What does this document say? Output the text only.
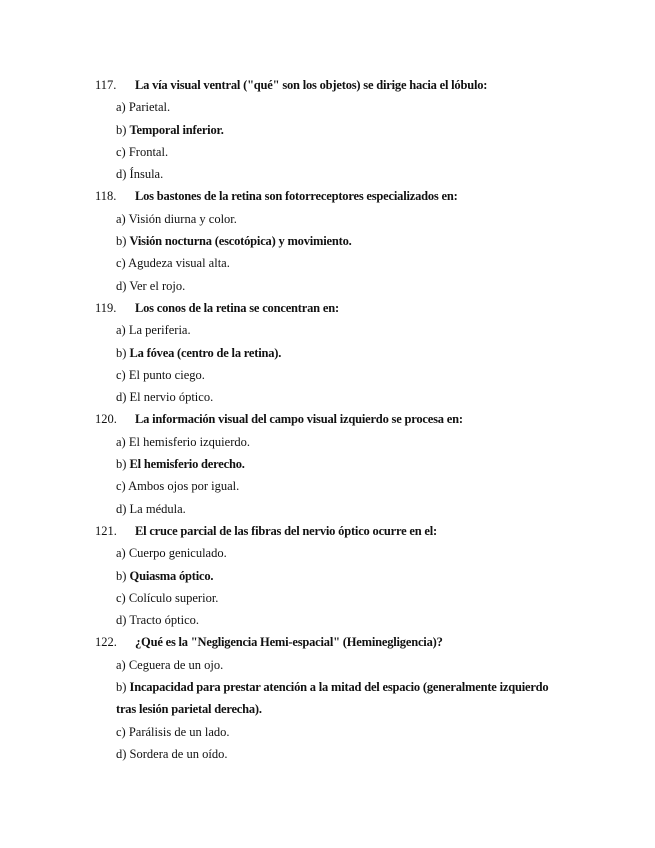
117. La vía visual ventral ("qué" son los objetos) se dirige hacia el lóbulo:
a) Parietal.
b) Temporal inferior.
c) Frontal.
d) Ínsula.
118. Los bastones de la retina son fotorreceptores especializados en:
a) Visión diurna y color.
b) Visión nocturna (escotópica) y movimiento.
c) Agudeza visual alta.
d) Ver el rojo.
119. Los conos de la retina se concentran en:
a) La periferia.
b) La fóvea (centro de la retina).
c) El punto ciego.
d) El nervio óptico.
120. La información visual del campo visual izquierdo se procesa en:
a) El hemisferio izquierdo.
b) El hemisferio derecho.
c) Ambos ojos por igual.
d) La médula.
121. El cruce parcial de las fibras del nervio óptico ocurre en el:
a) Cuerpo geniculado.
b) Quiasma óptico.
c) Colículo superior.
d) Tracto óptico.
122. ¿Qué es la "Negligencia Hemi-espacial" (Heminegligencia)?
a) Ceguera de un ojo.
b) Incapacidad para prestar atención a la mitad del espacio (generalmente izquierdo
tras lesión parietal derecha).
c) Parálisis de un lado.
d) Sordera de un oído.
